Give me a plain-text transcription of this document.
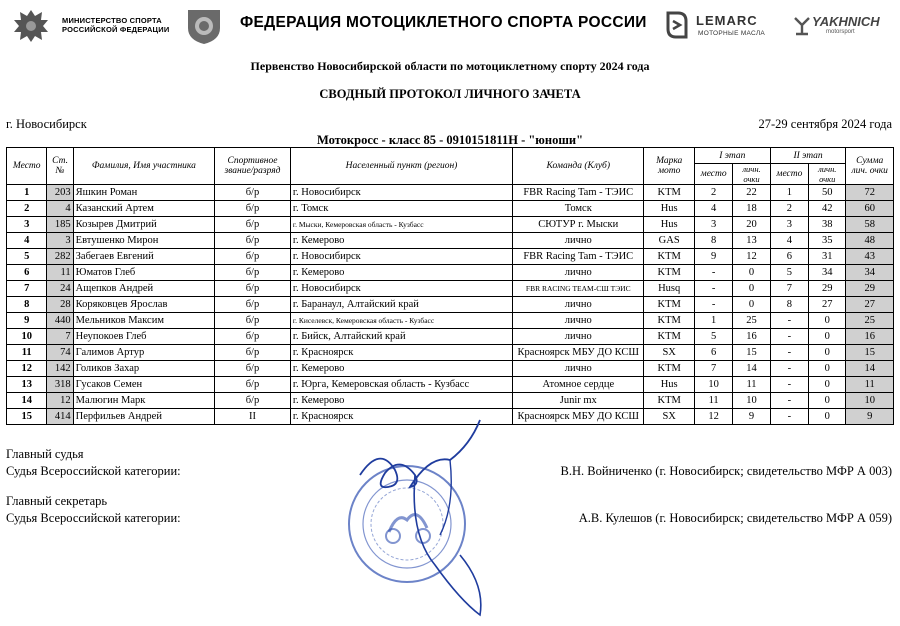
МИНИСТЕРСТВО СПОРТА
РОССИЙСКОЙ ФЕДЕРАЦИИ	ФЕДЕРАЦИЯ МОТОЦИКЛЕТНОГО СПОРТА РОССИИ	LEMARC
МОТОРНЫЕ МАСЛА
YAKHNICH
motorsport
Первенство Новосибирской области по мотоциклетному спорту 2024 года
СВОДНЫЙ ПРОТОКОЛ ЛИЧНОГО ЗАЧЕТА
г. Новосибирск	27-29 сентября 2024 года
Мотокросс - класс 85 - 0910151811Н - "юноши"
Место	Ст. №	Фамилия, Имя участника	Спортивное звание/разряд	Населенный пункт (регион)	Команда (Клуб)	Марка мото	I этап		II этап		Сумма лич. очки
							место	личн. очки	место	личн. очки	
1	203	Яшкин Роман	б/р	г. Новосибирск	FBR Racing Tam - ТЭИС	KTM	2	22	1	50	72
2	4	Казанский Артем	б/р	г. Томск	Томск	Hus	4	18	2	42	60
3	185	Козырев Дмитрий	б/р	г. Мыски, Кемеровская область - Кузбасс	СЮТУР г. Мыски	Hus	3	20	3	38	58
4	3	Евтушенко Мирон	б/р	г. Кемерово	лично	GAS	8	13	4	35	48
5	282	Забегаев Евгений	б/р	г. Новосибирск	FBR Racing Tam - ТЭИС	KTM	9	12	6	31	43
6	11	Юматов Глеб	б/р	г. Кемерово	лично	KTM	-	0	5	34	34
7	24	Ащепков Андрей	б/р	г. Новосибирск	FBR RACING TEAM-СШ ТЭИС	Husq	-	0	7	29	29
8	28	Коряковцев Ярослав	б/р	г. Баранаул, Алтайский край	лично	KTM	-	0	8	27	27
9	440	Мельников Максим	б/р	г. Киселевск, Кемеровская область - Кузбасс	лично	KTM	1	25	-	0	25
10	7	Неупокоев Глеб	б/р	г. Бийск, Алтайский край	лично	KTM	5	16	-	0	16
11	74	Галимов Артур	б/р	г. Красноярск	Красноярск МБУ ДО КСШ	SX	6	15	-	0	15
12	142	Голиков Захар	б/р	г. Кемерово	лично	KTM	7	14	-	0	14
13	318	Гусаков Семен	б/р	г. Юрга, Кемеровская область - Кузбасс	Атомное сердце	Hus	10	11	-	0	11
14	12	Малюгин Марк	б/р	г. Кемерово	Junir mx	KTM	11	10	-	0	10
15	414	Перфильев Андрей	II	г. Красноярск	Красноярск МБУ ДО КСШ	SX	12	9	-	0	9
Главный судья
Судья Всероссийской категории:	В.Н. Войниченко (г. Новосибирск; свидетельство МФР А 003)
Главный секретарь
Судья Всероссийской категории:	А.В. Кулешов (г. Новосибирск; свидетельство МФР А 059)
